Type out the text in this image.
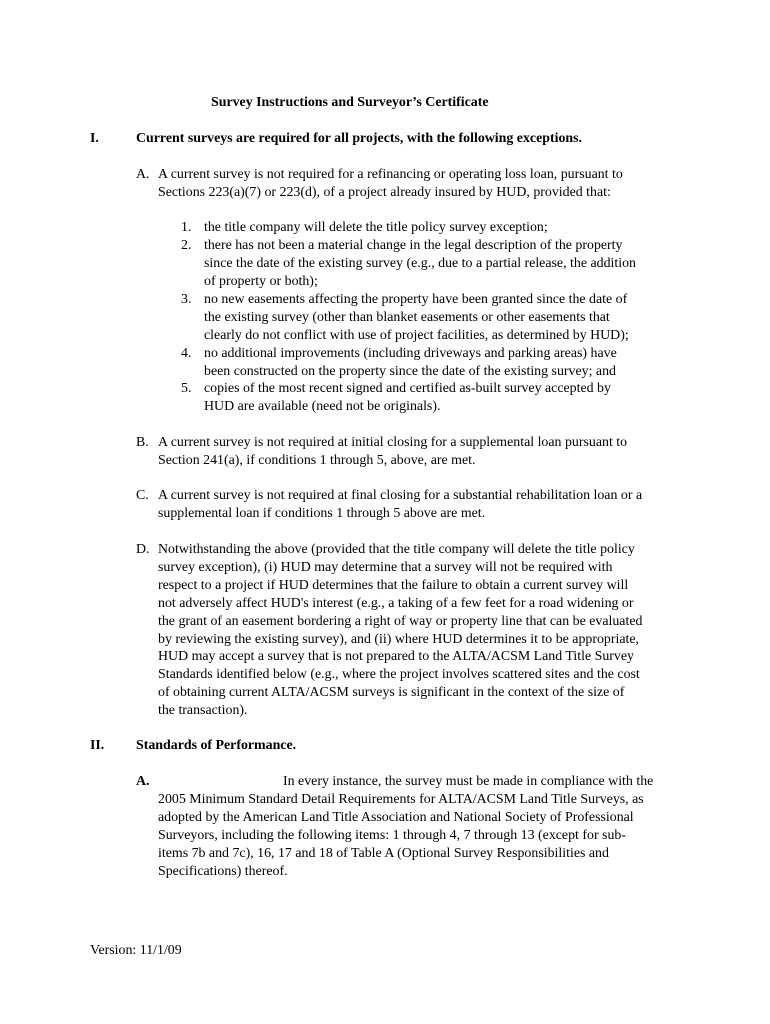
Survey Instructions and Surveyor’s Certificate
I.	Current surveys are required for all projects, with the following exceptions.
A. A current survey is not required for a refinancing or operating loss loan, pursuant to
Sections 223(a)(7) or 223(d), of a project already insured by HUD, provided that:
1. the title company will delete the title policy survey exception;
2. there has not been a material change in the legal description of the property
since the date of the existing survey (e.g., due to a partial release, the addition
of property or both);
3. no new easements affecting the property have been granted since the date of
the existing survey (other than blanket easements or other easements that
clearly do not conflict with use of project facilities, as determined by HUD);
4. no additional improvements (including driveways and parking areas) have
been constructed on the property since the date of the existing survey; and
5. copies of the most recent signed and certified as-built survey accepted by
HUD are available (need not be originals).
B. A current survey is not required at initial closing for a supplemental loan pursuant to
Section 241(a), if conditions 1 through 5, above, are met.
C. A current survey is not required at final closing for a substantial rehabilitation loan or a
supplemental loan if conditions 1 through 5 above are met.
D. Notwithstanding the above (provided that the title company will delete the title policy
survey exception), (i) HUD may determine that a survey will not be required with
respect to a project if HUD determines that the failure to obtain a current survey will
not adversely affect HUD's interest (e.g., a taking of a few feet for a road widening or
the grant of an easement bordering a right of way or property line that can be evaluated
by reviewing the existing survey), and (ii) where HUD determines it to be appropriate,
HUD may accept a survey that is not prepared to the ALTA/ACSM Land Title Survey
Standards identified below (e.g., where the project involves scattered sites and the cost
of obtaining current ALTA/ACSM surveys is significant in the context of the size of
the transaction).
II. Standards of Performance.
A.	In every instance, the survey must be made in compliance with the
2005 Minimum Standard Detail Requirements for ALTA/ACSM Land Title Surveys, as
adopted by the American Land Title Association and National Society of Professional
Surveyors, including the following items: 1 through 4, 7 through 13 (except for sub-
items 7b and 7c), 16, 17 and 18 of Table A (Optional Survey Responsibilities and
Specifications) thereof.
Version: 11/1/09
